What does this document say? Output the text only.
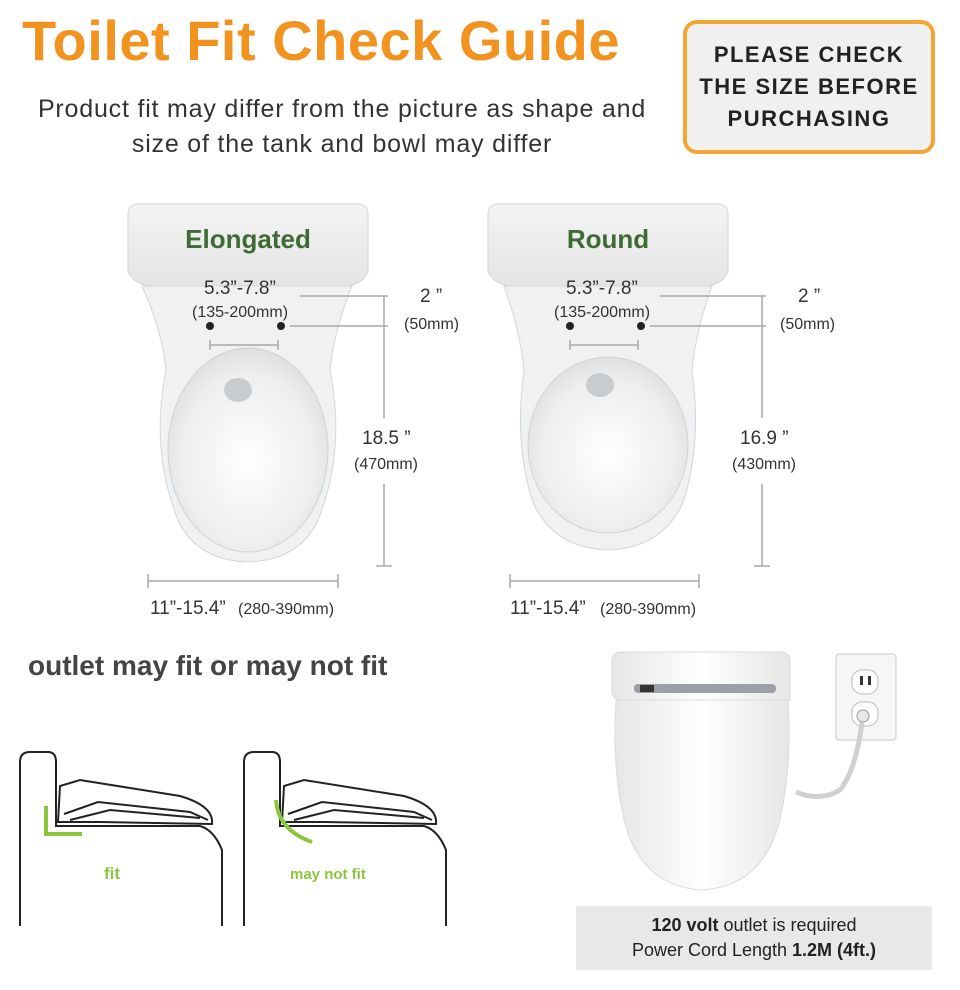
Toilet Fit Check Guide
Product fit may differ from the picture as shape and size of the tank and bowl may differ
PLEASE CHECK
THE SIZE BEFORE
PURCHASING
Elongated
5.3”-7.8”
(135-200mm)
2 ”
(50mm)
18.5 ”
(470mm)
11”-15.4” (280-390mm)
Round
5.3”-7.8”
(135-200mm)
2 ”
(50mm)
16.9 ”
(430mm)
11”-15.4” (280-390mm)
outlet may fit or may not fit
fit	may not fit
120 volt outlet is required
Power Cord Length 1.2M (4ft.)
